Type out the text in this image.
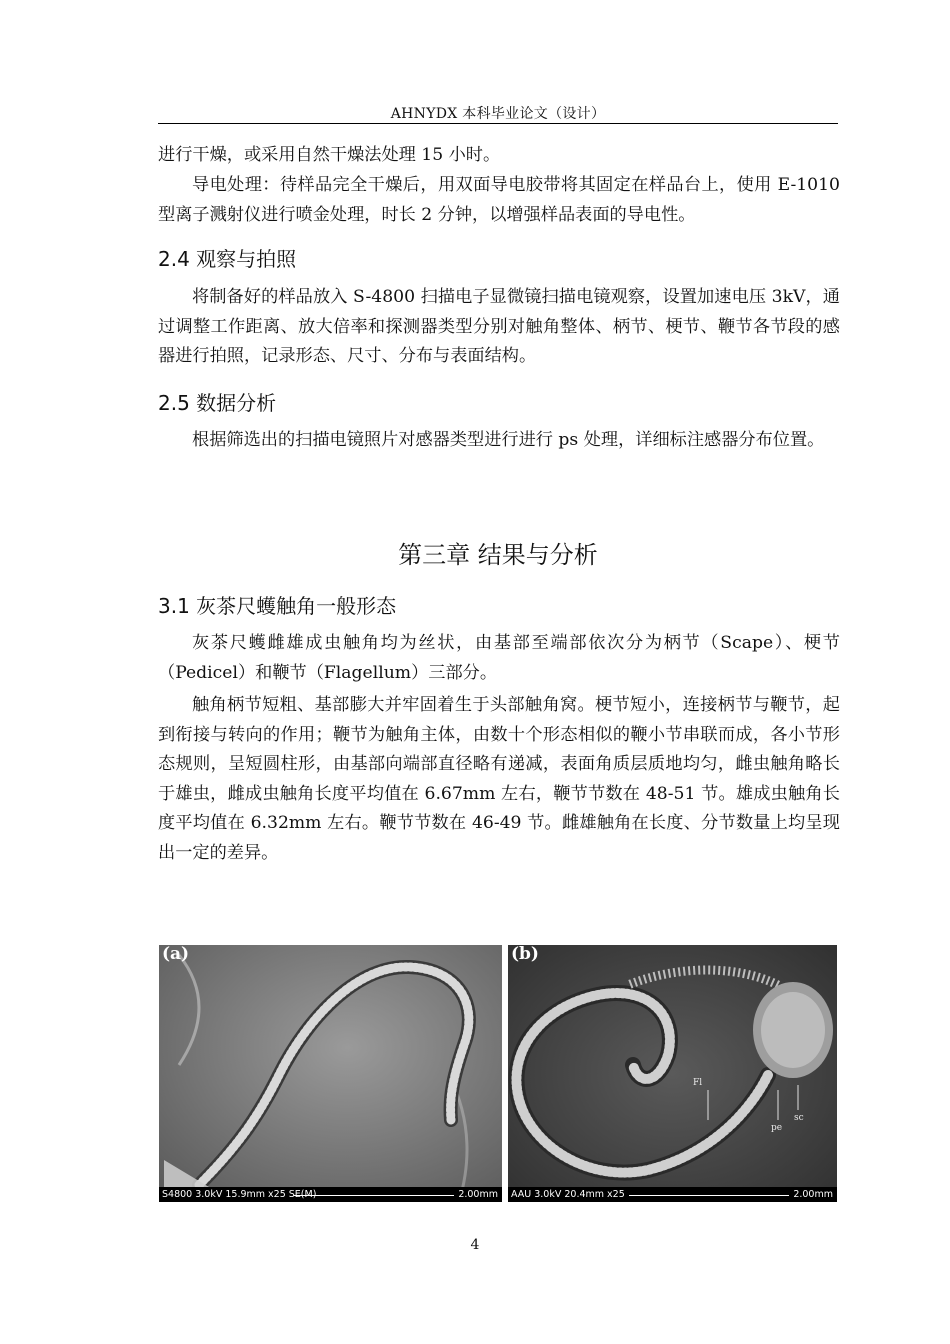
AHNYDX 本科毕业论文（设计）

进行干燥，或采用自然干燥法处理 15 小时。

导电处理：待样品完全干燥后，用双面导电胶带将其固定在样品台上，使用 E-1010 型离子溅射仪进行喷金处理，时长 2 分钟，以增强样品表面的导电性。

2.4 观察与拍照

将制备好的样品放入 S-4800 扫描电子显微镜扫描电镜观察，设置加速电压 3kV，通过调整工作距离、放大倍率和探测器类型分别对触角整体、柄节、梗节、鞭节各节段的感器进行拍照，记录形态、尺寸、分布与表面结构。

2.5 数据分析

根据筛选出的扫描电镜照片对感器类型进行进行 ps 处理，详细标注感器分布位置。

第三章 结果与分析
3.1 灰茶尺蠖触角一般形态

灰茶尺蠖雌雄成虫触角均为丝状，由基部至端部依次分为柄节（Scape）、梗节（Pedicel）和鞭节（Flagellum）三部分。

触角柄节短粗、基部膨大并牢固着生于头部触角窝。梗节短小，连接柄节与鞭节，起到衔接与转向的作用；鞭节为触角主体，由数十个形态相似的鞭小节串联而成，各小节形态规则，呈短圆柱形，由基部向端部直径略有递减，表面角质层质地均匀，雌虫触角略长于雄虫，雌成虫触角长度平均值在 6.67mm 左右，鞭节节数在 48-51 节。雄成虫触角长度平均值在 6.32mm 左右。鞭节节数在 46-49 节。雌雄触角在长度、分节数量上均呈现出一定的差异。

(a)
S4800 3.0kV 15.9mm x25 SE(M)	2.00mm
(b)
Fl
pe
sc
AAU 3.0kV 20.4mm x25	2.00mm
4
